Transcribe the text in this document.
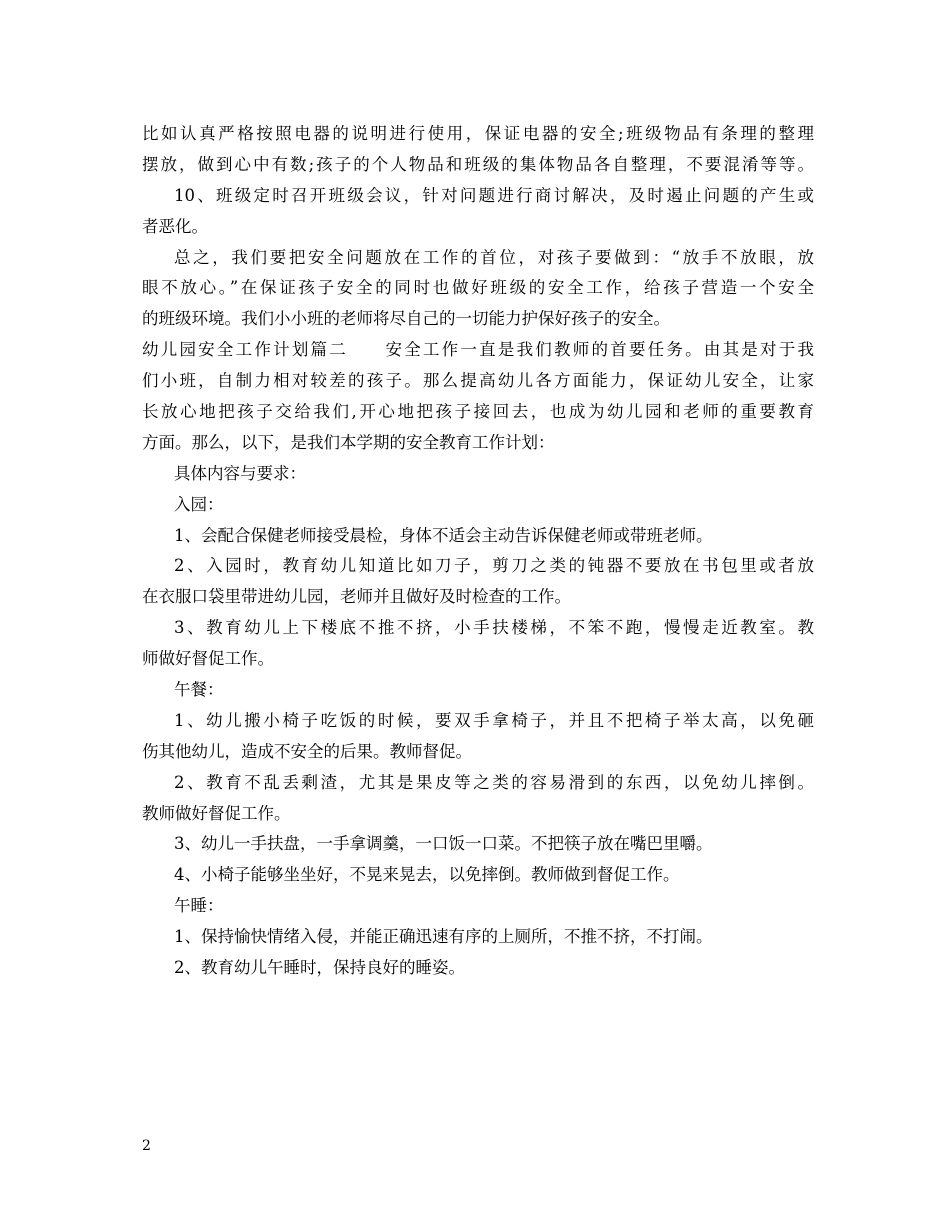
比如认真严格按照电器的说明进行使用，保证电器的安全;班级物品有条理的整理
摆放，做到心中有数;孩子的个人物品和班级的集体物品各自整理，不要混淆等等。
10、班级定时召开班级会议，针对问题进行商讨解决，及时遏止问题的产生或
者恶化。
总之，我们要把安全问题放在工作的首位，对孩子要做到：“放手不放眼，放
眼不放心。”在保证孩子安全的同时也做好班级的安全工作，给孩子营造一个安全
的班级环境。我们小小班的老师将尽自己的一切能力护保好孩子的安全。
幼儿园安全工作计划篇二　　安全工作一直是我们教师的首要任务。由其是对于我
们小班，自制力相对较差的孩子。那么提高幼儿各方面能力，保证幼儿安全，让家
长放心地把孩子交给我们,开心地把孩子接回去，也成为幼儿园和老师的重要教育
方面。那么，以下，是我们本学期的安全教育工作计划：
具体内容与要求：
入园：
1、会配合保健老师接受晨检，身体不适会主动告诉保健老师或带班老师。
2、入园时，教育幼儿知道比如刀子，剪刀之类的钝器不要放在书包里或者放
在衣服口袋里带进幼儿园，老师并且做好及时检查的工作。
3、教育幼儿上下楼底不推不挤，小手扶楼梯，不笨不跑，慢慢走近教室。教
师做好督促工作。
午餐：
1、幼儿搬小椅子吃饭的时候，要双手拿椅子，并且不把椅子举太高，以免砸
伤其他幼儿，造成不安全的后果。教师督促。
2、教育不乱丢剩渣，尤其是果皮等之类的容易滑到的东西，以免幼儿摔倒。
教师做好督促工作。
3、幼儿一手扶盘，一手拿调羹，一口饭一口菜。不把筷子放在嘴巴里嚼。
4、小椅子能够坐坐好，不晃来晃去，以免摔倒。教师做到督促工作。
午睡：
1、保持愉快情绪入侵，并能正确迅速有序的上厕所，不推不挤，不打闹。
2、教育幼儿午睡时，保持良好的睡姿。
2
